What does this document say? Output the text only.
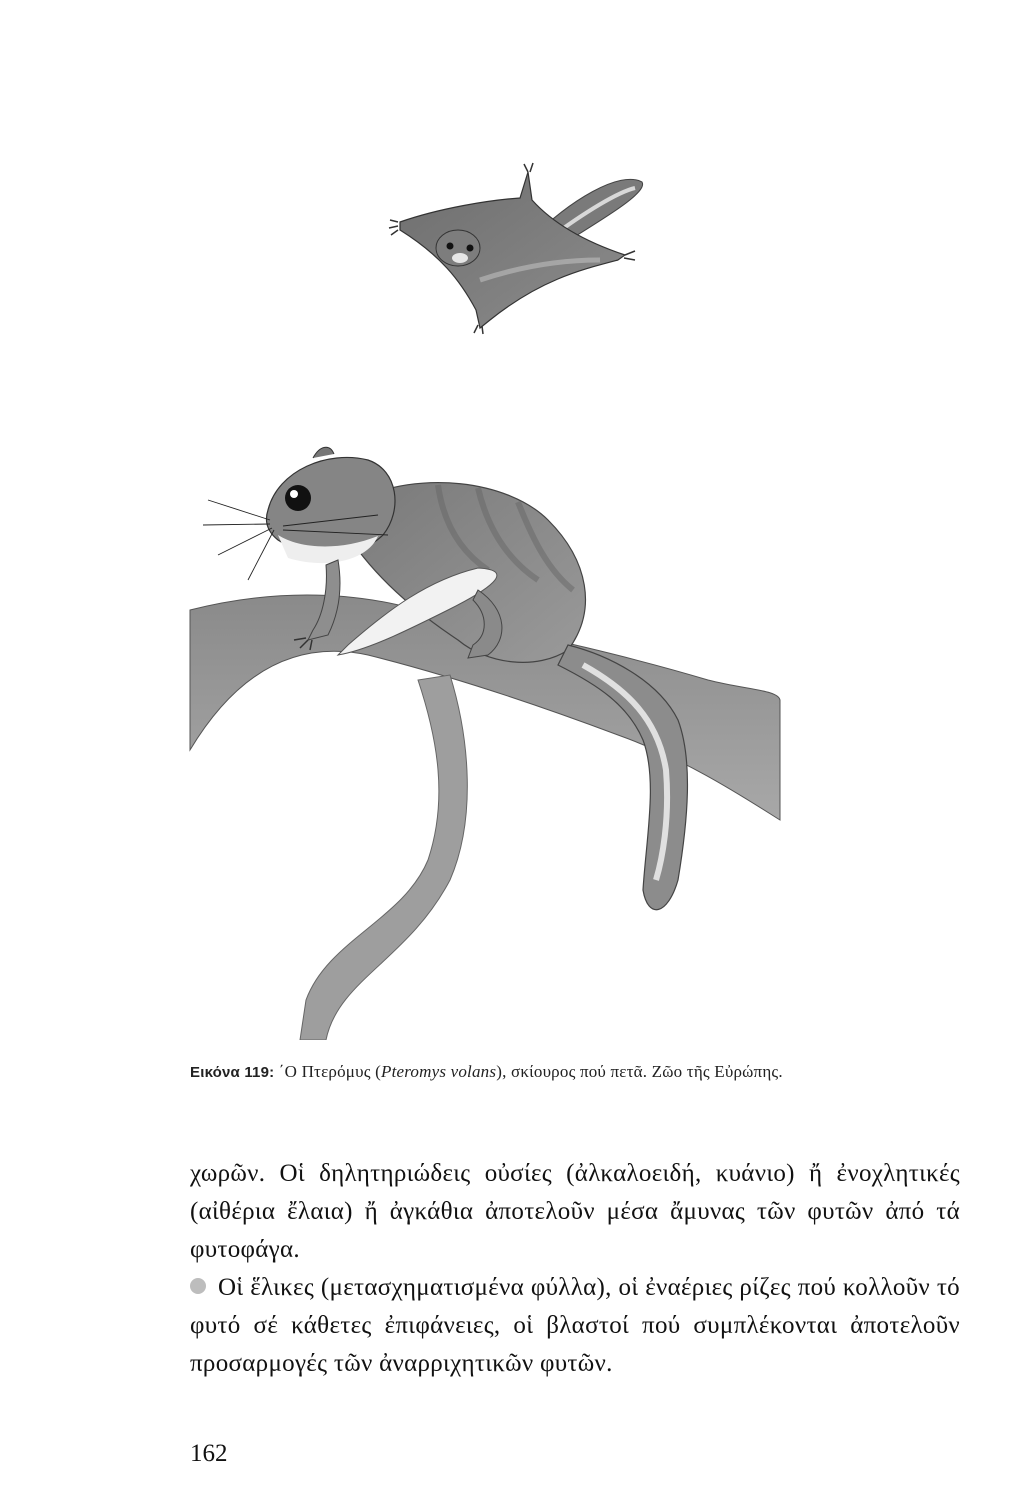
Εικόνα 119: ΄Ο Πτερόμυς (Pteromys volans), σκίουρος πού πετᾶ. Ζῶο τῆς Εὐρώπης.

χωρῶν. Οἱ δηλητηριώδεις οὐσίες (ἀλκαλοειδή, κυάνιο) ἤ ἐνοχλητικές (αἰθέρια ἔλαια) ἤ ἀγκάθια ἀποτελοῦν μέσα ἄμυνας τῶν φυτῶν ἀπό τά φυτοφάγα.

Οἱ ἕλικες (μετασχηματισμένα φύλλα), οἱ ἐναέριες ρίζες πού κολλοῦν τό φυτό σέ κάθετες ἐπιφάνειες, οἱ βλαστοί πού συμπλέκονται ἀποτελοῦν προσαρμογές τῶν ἀναρριχητικῶν φυτῶν.

162
